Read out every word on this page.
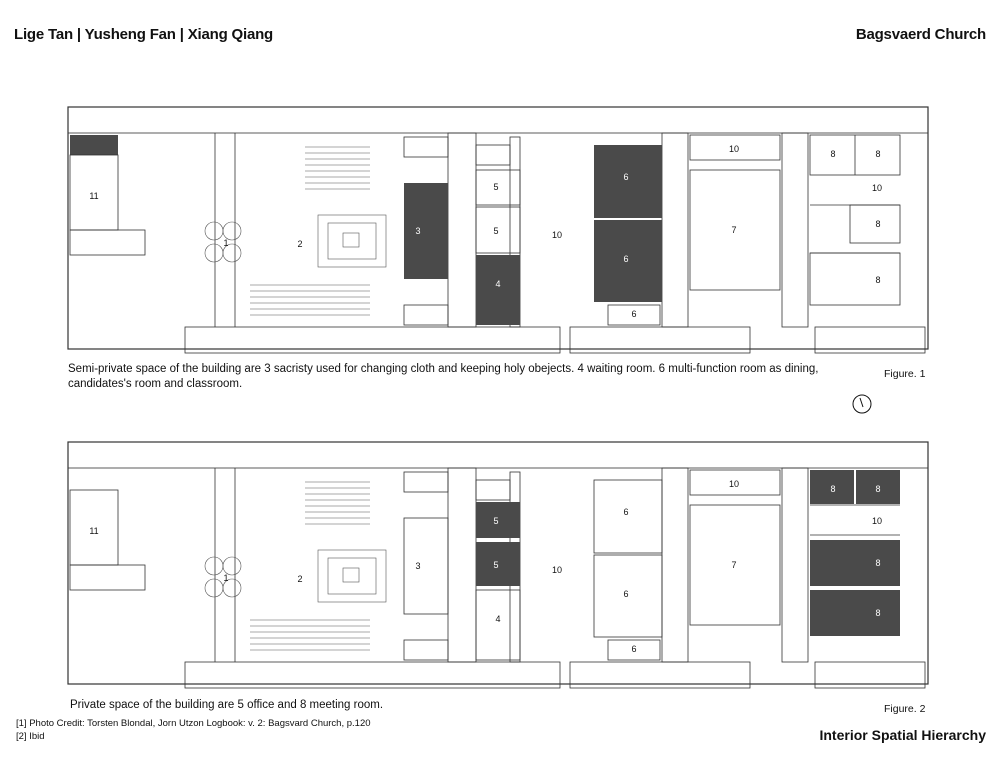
Lige Tan | Yusheng Fan | Xiang Qiang	Bagsvaerd Church
11
1	2
3
5
5
4
10
6
6
6
10
7
8	8
10
8
8
Semi-private space of the building are 3 sacristy used for changing cloth and keeping holy obejects. 4 waiting room. 6 multi-function room as dining, candidates's room and classroom.
Figure. 1
11
1	2
3
5
5
4
10
6
6
6
10
7
8	8
10
8
8
Private space of the building are 5 office and 8 meeting room.	Figure. 2
[1] Photo Credit: Torsten Blondal, Jorn Utzon Logbook: v. 2: Bagsvard Church, p.120
[2] Ibid	Interior Spatial Hierarchy
